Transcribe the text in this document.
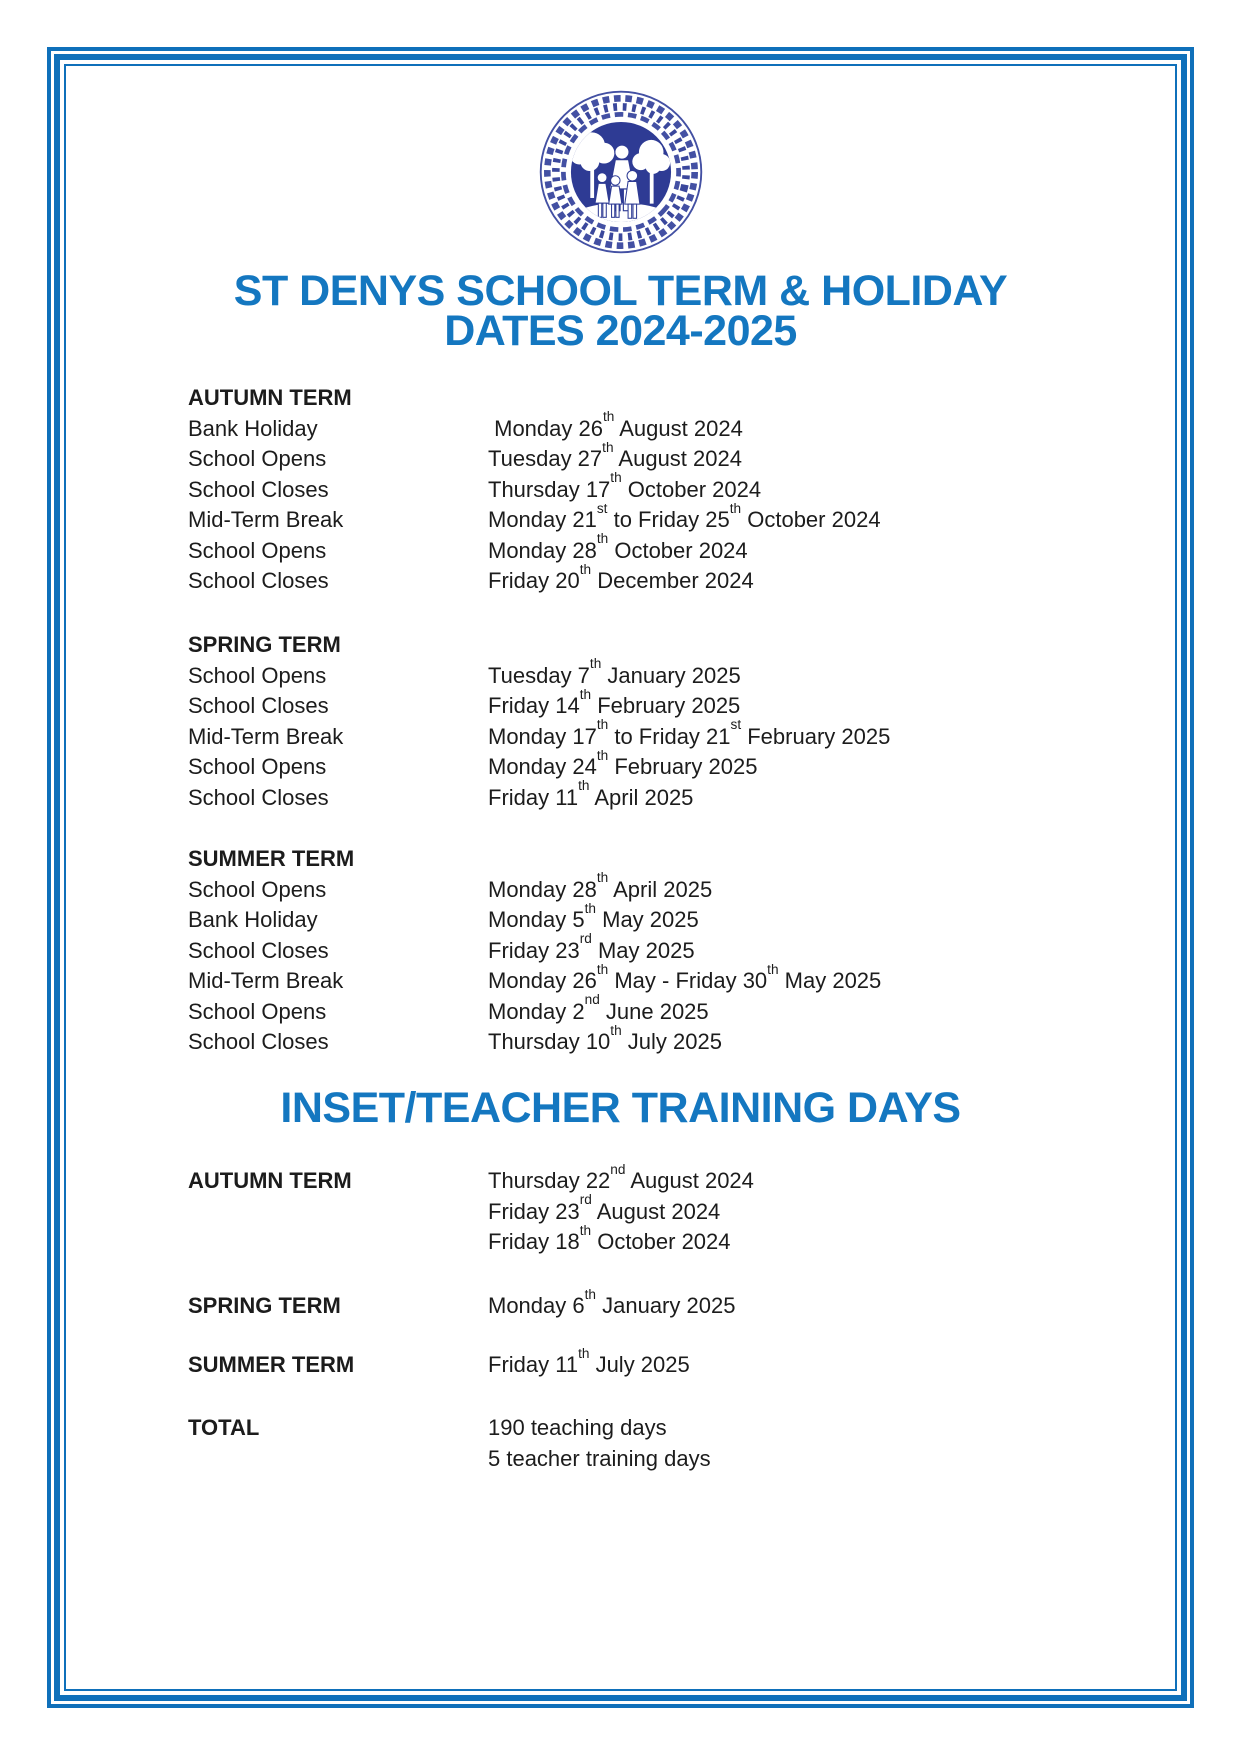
ST DENYS SCHOOL TERM & HOLIDAY
DATES 2024-2025
AUTUMN TERM
Bank Holiday	Monday 26th August 2024
School Opens	Tuesday 27th August 2024
School Closes	Thursday 17th October 2024
Mid-Term Break	Monday 21st to Friday 25th October 2024
School Opens	Monday 28th October 2024
School Closes	Friday 20th December 2024
SPRING TERM
School Opens	Tuesday 7th January 2025
School Closes	Friday 14th February 2025
Mid-Term Break	Monday 17th to Friday 21st February 2025
School Opens	Monday 24th February 2025
School Closes	Friday 11th April 2025
SUMMER TERM
School Opens	Monday 28th April 2025
Bank Holiday	Monday 5th May 2025
School Closes	Friday 23rd May 2025
Mid-Term Break	Monday 26th May - Friday 30th May 2025
School Opens	Monday 2nd June 2025
School Closes	Thursday 10th July 2025
INSET/TEACHER TRAINING DAYS
AUTUMN TERM	Thursday 22nd August 2024
Friday 23rd August 2024
Friday 18th October 2024
SPRING TERM	Monday 6th January 2025
SUMMER TERM	Friday 11th July 2025
TOTAL	190 teaching days
5 teacher training days
